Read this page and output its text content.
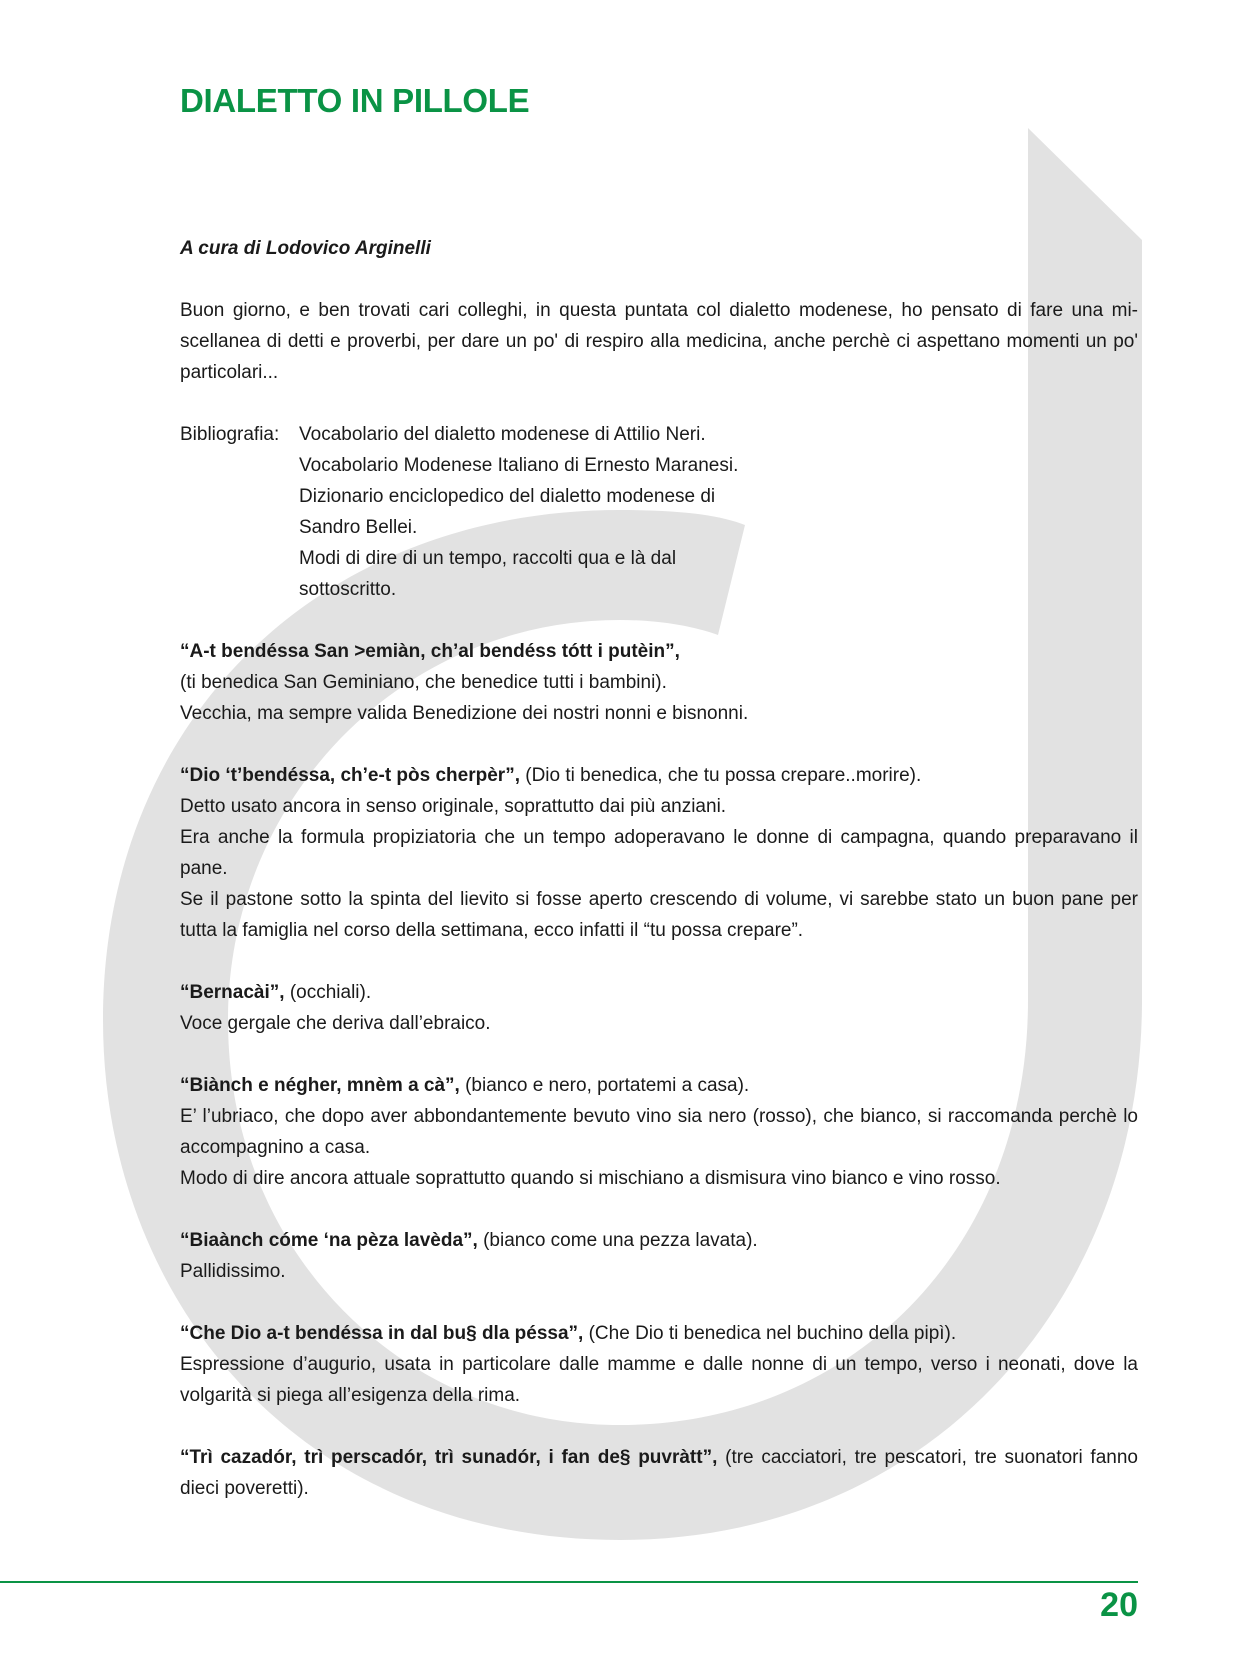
DIALETTO IN PILLOLE

A cura di Lodovico Arginelli

Buon giorno, e ben trovati cari colleghi, in questa puntata col dialetto modenese, ho pensato di fare una mi-scellanea di detti e proverbi, per dare un po' di respiro alla medicina, anche perchè ci aspettano momenti un po' particolari...

Bibliografia:	Vocabolario del dialetto modenese di Attilio Neri.
Vocabolario Modenese Italiano di Ernesto Maranesi.
Dizionario enciclopedico del dialetto modenese di
Sandro Bellei.
Modi di dire di un tempo, raccolti qua e là dal
sottoscritto.

“A-t bendéssa San >emiàn, ch’al bendéss tótt i putèin”,

(ti benedica San Geminiano, che benedice tutti i bambini).

Vecchia, ma sempre valida Benedizione dei nostri nonni e bisnonni.

“Dio ‘t’bendéssa, ch’e-t pòs cherpèr”, (Dio ti benedica, che tu possa crepare..morire).

Detto usato ancora in senso originale, soprattutto dai più anziani.

Era anche la formula propiziatoria che un tempo adoperavano le donne di campagna, quando preparavano il pane.

Se il pastone sotto la spinta del lievito si fosse aperto crescendo di volume, vi sarebbe stato un buon pane per tutta la famiglia nel corso della settimana, ecco infatti il “tu possa crepare”.

“Bernacài”, (occhiali).

Voce gergale che deriva dall’ebraico.

“Biànch e négher, mnèm a cà”, (bianco e nero, portatemi a casa).

E’ l’ubriaco, che dopo aver abbondantemente bevuto vino sia nero (rosso), che bianco, si raccomanda perchè lo accompagnino a casa.

Modo di dire ancora attuale soprattutto quando si mischiano a dismisura vino bianco e vino rosso.

“Biaànch cóme ‘na pèza lavèda”, (bianco come una pezza lavata).

Pallidissimo.

“Che Dio a-t bendéssa in dal bu§ dla péssa”, (Che Dio ti benedica nel buchino della pipì).

Espressione d’augurio, usata in particolare dalle mamme e dalle nonne di un tempo, verso i neonati, dove la volgarità si piega all’esigenza della rima.

“Trì cazadór, trì perscadór, trì sunadór, i fan de§ puvràtt”, (tre cacciatori, tre pescatori, tre suonatori fanno dieci poveretti).

20
